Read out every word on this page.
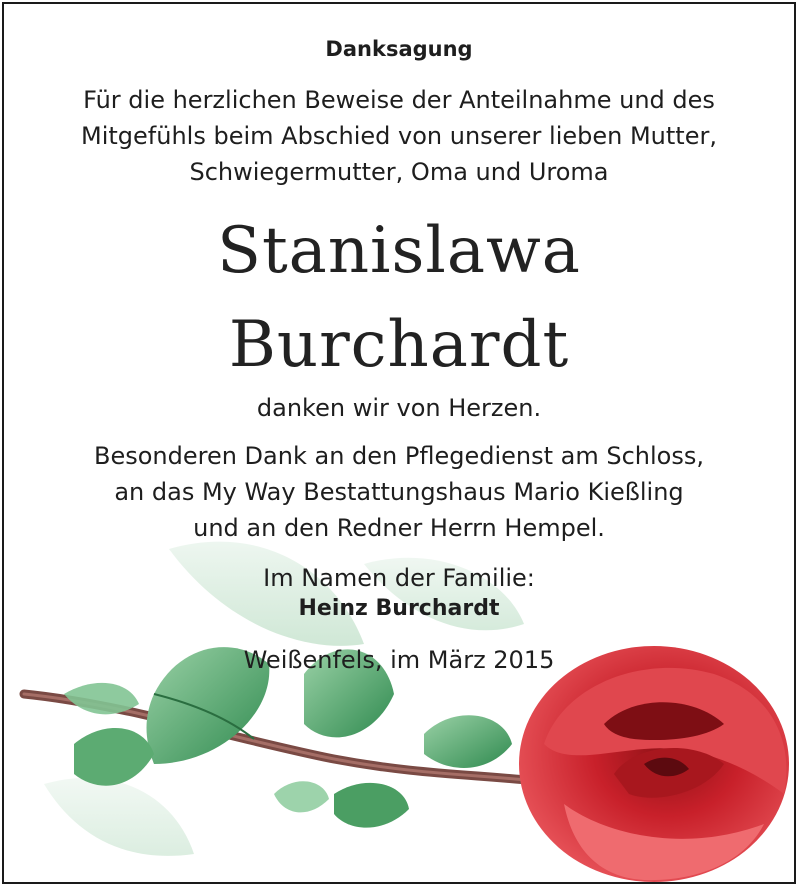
Danksagung
Für die herzlichen Beweise der Anteilnahme und des
Mitgefühls beim Abschied von unserer lieben Mutter,
Schwiegermutter, Oma und Uroma
Stanislawa
Burchardt
danken wir von Herzen.
Besonderen Dank an den Pflegedienst am Schloss,
an das My Way Bestattungshaus Mario Kießling
und an den Redner Herrn Hempel.
Im Namen der Familie:
Heinz Burchardt
Weißenfels, im März 2015
